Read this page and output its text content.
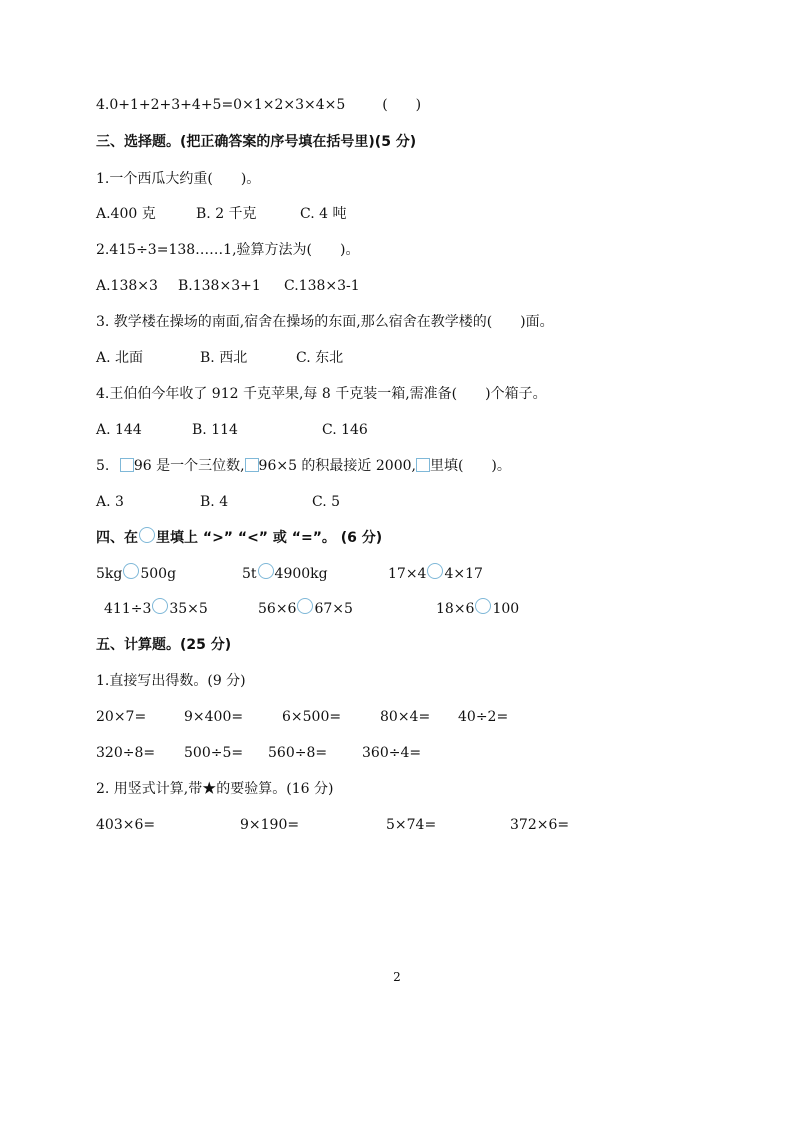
4.0+1+2+3+4+5=0×1×2×3×4×5	(　　)
三、选择题。(把正确答案的序号填在括号里)(5 分)
1.一个西瓜大约重(　　)。
A.400 克	B. 2 千克	C. 4 吨
2.415÷3=138……1,验算方法为(　　)。
A.138×3 B.138×3+1 C.138×3-1
3. 教学楼在操场的南面,宿舍在操场的东面,那么宿舍在教学楼的(　　)面。
A. 北面	B. 西北	C. 东北
4.王伯伯今年收了 912 千克苹果,每 8 千克装一箱,需准备(　　)个箱子。
A. 144	B. 114	C. 146
5. 96 是一个三位数, 96×5 的积最接近 2000, 里填(　　)。
A. 3	B. 4	C. 5
四、在 里填上 “>” “<” 或 “=”。 (6 分)
5kg 500g	5t 4900kg	17×4 4×17
411÷3 35×5	56×6 67×5	18×6 100
五、计算题。(25 分)
1.直接写出得数。(9 分)
20×7=	9×400=	6×500=	80×4= 40÷2=
320÷8= 500÷5= 560÷8= 360÷4=
2. 用竖式计算,带★的要验算。(16 分)
403×6=	9×190=	5×74=	372×6=
2
